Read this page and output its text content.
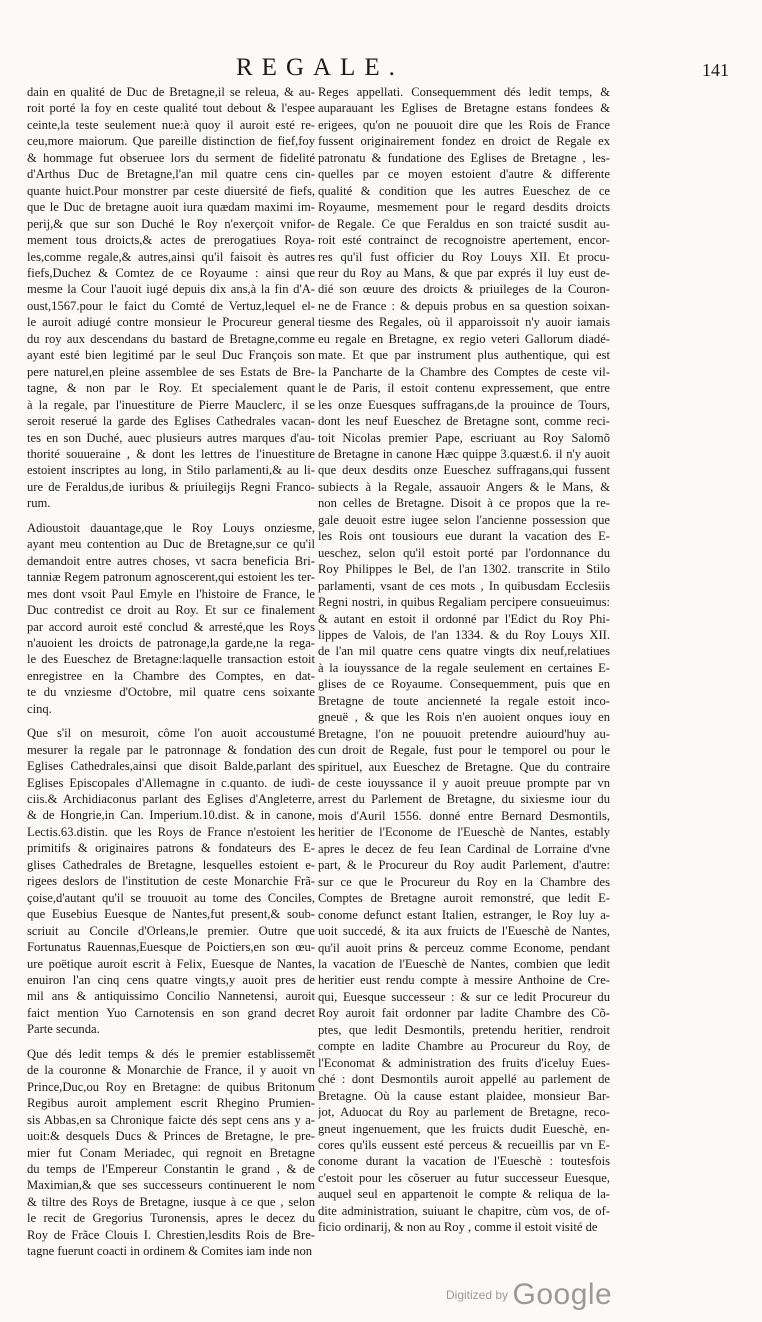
REGALE.	141
dain en qualité de Duc de Bretagne,il se releua, & au-
roit porté la foy en ceste qualité tout debout & l'espee
ceinte,la teste seulement nue:à quoy il auroit esté re-
ceu,more maiorum. Que pareille distinction de fief,foy
& hommage fut obseruee lors du serment de fidelité
d'Arthus Duc de Bretagne,l'an mil quatre cens cin-
quante huict.Pour monstrer par ceste diuersité de fiefs,
que le Duc de bretagne auoit iura quædam maximi im-
perij,& que sur son Duché le Roy n'exerçoit vnifor-
mement tous droicts,& actes de prerogatiues Roya-
les,comme regale,& autres,ainsi qu'il faisoit ès autres
fiefs,Duchez & Comtez de ce Royaume : ainsi que
mesme la Cour l'auoit iugé depuis dix ans,à la fin d'A-
oust,1567.pour le faict du Comté de Vertuz,lequel el-
le auroit adiugé contre monsieur le Procureur general
du roy aux descendans du bastard de Bretagne,comme
ayant esté bien legitimé par le seul Duc François son
pere naturel,en pleine assemblee de ses Estats de Bre-
tagne, & non par le Roy. Et specialement quant
à la regale, par l'inuestiture de Pierre Mauclerc, il se
seroit reserué la garde des Eglises Cathedrales vacan-
tes en son Duché, auec plusieurs autres marques d'au-
thorité souueraine , & dont les lettres de l'inuestiture
estoient inscriptes au long, in Stilo parlamenti,& au li-
ure de Feraldus,de iuribus & priuilegijs Regni Franco-
rum.
Adioustoit dauantage,que le Roy Louys onziesme,
ayant meu contention au Duc de Bretagne,sur ce qu'il
demandoit entre autres choses, vt sacra beneficia Bri-
tanniæ Regem patronum agnoscerent,qui estoient les ter-
mes dont vsoit Paul Emyle en l'histoire de France, le
Duc contredist ce droit au Roy. Et sur ce finalement
par accord auroit esté conclud & arresté,que les Roys
n'auoient les droicts de patronage,la garde,ne la rega-
le des Eueschez de Bretagne:laquelle transaction estoit
enregistree en la Chambre des Comptes, en dat-
te du vnziesme d'Octobre, mil quatre cens soixante
cinq.
Que s'il on mesuroit, côme l'on auoit accoustumé
mesurer la regale par le patronnage & fondation des
Eglises Cathedrales,ainsi que disoit Balde,parlant des
Eglises Episcopales d'Allemagne in c.quanto. de iudi-
ciis.& Archidiaconus parlant des Eglises d'Angleterre,
& de Hongrie,in Can. Imperium.10.dist. & in canone,
Lectis.63.distin. que les Roys de France n'estoient les
primitifs & originaires patrons & fondateurs des E-
glises Cathedrales de Bretagne, lesquelles estoient e-
rigees deslors de l'institution de ceste Monarchie Frã-
çoise,d'autant qu'il se trouuoit au tome des Conciles,
que Eusebius Euesque de Nantes,fut present,& soub-
scriuit au Concile d'Orleans,le premier. Outre que
Fortunatus Rauennas,Euesque de Poictiers,en son œu-
ure poëtique auroit escrit à Felix, Euesque de Nantes,
enuiron l'an cinq cens quatre vingts,y auoit pres de
mil ans & antiquissimo Concilio Nannetensi, auroit
faict mention Yuo Carnotensis en son grand decret
Parte secunda.
Que dés ledit temps & dés le premier establissemẽt
de la couronne & Monarchie de France, il y auoit vn
Prince,Duc,ou Roy en Bretagne: de quibus Britonum
Regibus auroit amplement escrit Rhegino Prumien-
sis Abbas,en sa Chronique faicte dés sept cens ans y a-
uoit:& desquels Ducs & Princes de Bretagne, le pre-
mier fut Conam Meriadec, qui regnoit en Bretagne
du temps de l'Empereur Constantin le grand , & de
Maximian,& que ses successeurs continuerent le nom
& tiltre des Roys de Bretagne, iusque à ce que , selon
le recit de Gregorius Turonensis, apres le decez du
Roy de Frãce Clouis I. Chrestien,lesdits Rois de Bre-
tagne fuerunt coacti in ordinem & Comites iam inde non
Reges appellati. Consequemment dés ledit temps, &
auparauant les Eglises de Bretagne estans fondees &
erigees, qu'on ne pouuoit dire que les Rois de France
fussent originairement fondez en droict de Regale ex
patronatu & fundatione des Eglises de Bretagne , les-
quelles par ce moyen estoient d'autre & differente
qualité & condition que les autres Eueschez de ce
Royaume, mesmement pour le regard desdits droicts
de Regale. Ce que Feraldus en son traicté susdit au-
roit esté contrainct de recognoistre apertement, encor-
res qu'il fust officier du Roy Louys XII. Et procu-
reur du Roy au Mans, & que par exprés il luy eust de-
dié son œuure des droicts & priuileges de la Couron-
ne de France : & depuis probus en sa question soixan-
tiesme des Regales, où il apparoissoit n'y auoir iamais
eu regale en Bretagne, ex regio veteri Gallorum diadé-
mate. Et que par instrument plus authentique, qui est
la Pancharte de la Chambre des Comptes de ceste vil-
le de Paris, il estoit contenu expressement, que entre
les onze Euesques suffragans,de la prouince de Tours,
dont les neuf Eueschez de Bretagne sont, comme reci-
toit Nicolas premier Pape, escriuant au Roy Salomõ
de Bretagne in canone Hæc quippe 3.quæst.6. il n'y auoit
que deux desdits onze Eueschez suffragans,qui fussent
subiects à la Regale, assauoir Angers & le Mans, &
non celles de Bretagne. Disoit à ce propos que la re-
gale deuoit estre iugee selon l'ancienne possession que
les Rois ont tousiours eue durant la vacation des E-
ueschez, selon qu'il estoit porté par l'ordonnance du
Roy Philippes le Bel, de l'an 1302. transcrite in Stilo
parlamenti, vsant de ces mots , In quibusdam Ecclesiis
Regni nostri, in quibus Regaliam percipere consueuimus:
& autant en estoit il ordonné par l'Edict du Roy Phi-
lippes de Valois, de l'an 1334. & du Roy Louys XII.
de l'an mil quatre cens quatre vingts dix neuf,relatiues
à la iouyssance de la regale seulement en certaines E-
glises de ce Royaume. Consequemment, puis que en
Bretagne de toute ancienneté la regale estoit inco-
gneuë , & que les Rois n'en auoient onques iouy en
Bretagne, l'on ne pouuoit pretendre auiourd'huy au-
cun droit de Regale, fust pour le temporel ou pour le
spirituel, aux Eueschez de Bretagne. Que du contraire
de ceste iouyssance il y auoit preuue prompte par vn
arrest du Parlement de Bretagne, du sixiesme iour du
mois d'Auril 1556. donné entre Bernard Desmontils,
heritier de l'Econome de l'Eueschè de Nantes, estably
apres le decez de feu Iean Cardinal de Lorraine d'vne
part, & le Procureur du Roy audit Parlement, d'autre:
sur ce que le Procureur du Roy en la Chambre des
Comptes de Bretagne auroit remonstré, que ledit E-
conome defunct estant Italien, estranger, le Roy luy a-
uoit succedé, & ita aux fruicts de l'Eueschè de Nantes,
qu'il auoit prins & perceuz comme Econome, pendant
la vacation de l'Eueschè de Nantes, combien que ledit
heritier eust rendu compte à messire Anthoine de Cre-
qui, Euesque successeur : & sur ce ledit Procureur du
Roy auroit fait ordonner par ladite Chambre des Cõ-
ptes, que ledit Desmontils, pretendu heritier, rendroit
compte en ladite Chambre au Procureur du Roy, de
l'Economat & administration des fruits d'iceluy Eues-
ché : dont Desmontils auroit appellé au parlement de
Bretagne. Où la cause estant plaidee, monsieur Bar-
jot, Aduocat du Roy au parlement de Bretagne, reco-
gneut ingenuement, que les fruicts dudit Eueschè, en-
cores qu'ils eussent esté perceus & recueillis par vn E-
conome durant la vacation de l'Eueschè : toutesfois
c'estoit pour les cõseruer au futur successeur Euesque,
auquel seul en appartenoit le compte & reliqua de la-
dite administration, suiuant le chapitre, cùm vos, de of-
ficio ordinarij, & non au Roy , comme il estoit visité de
Digitized by Google
